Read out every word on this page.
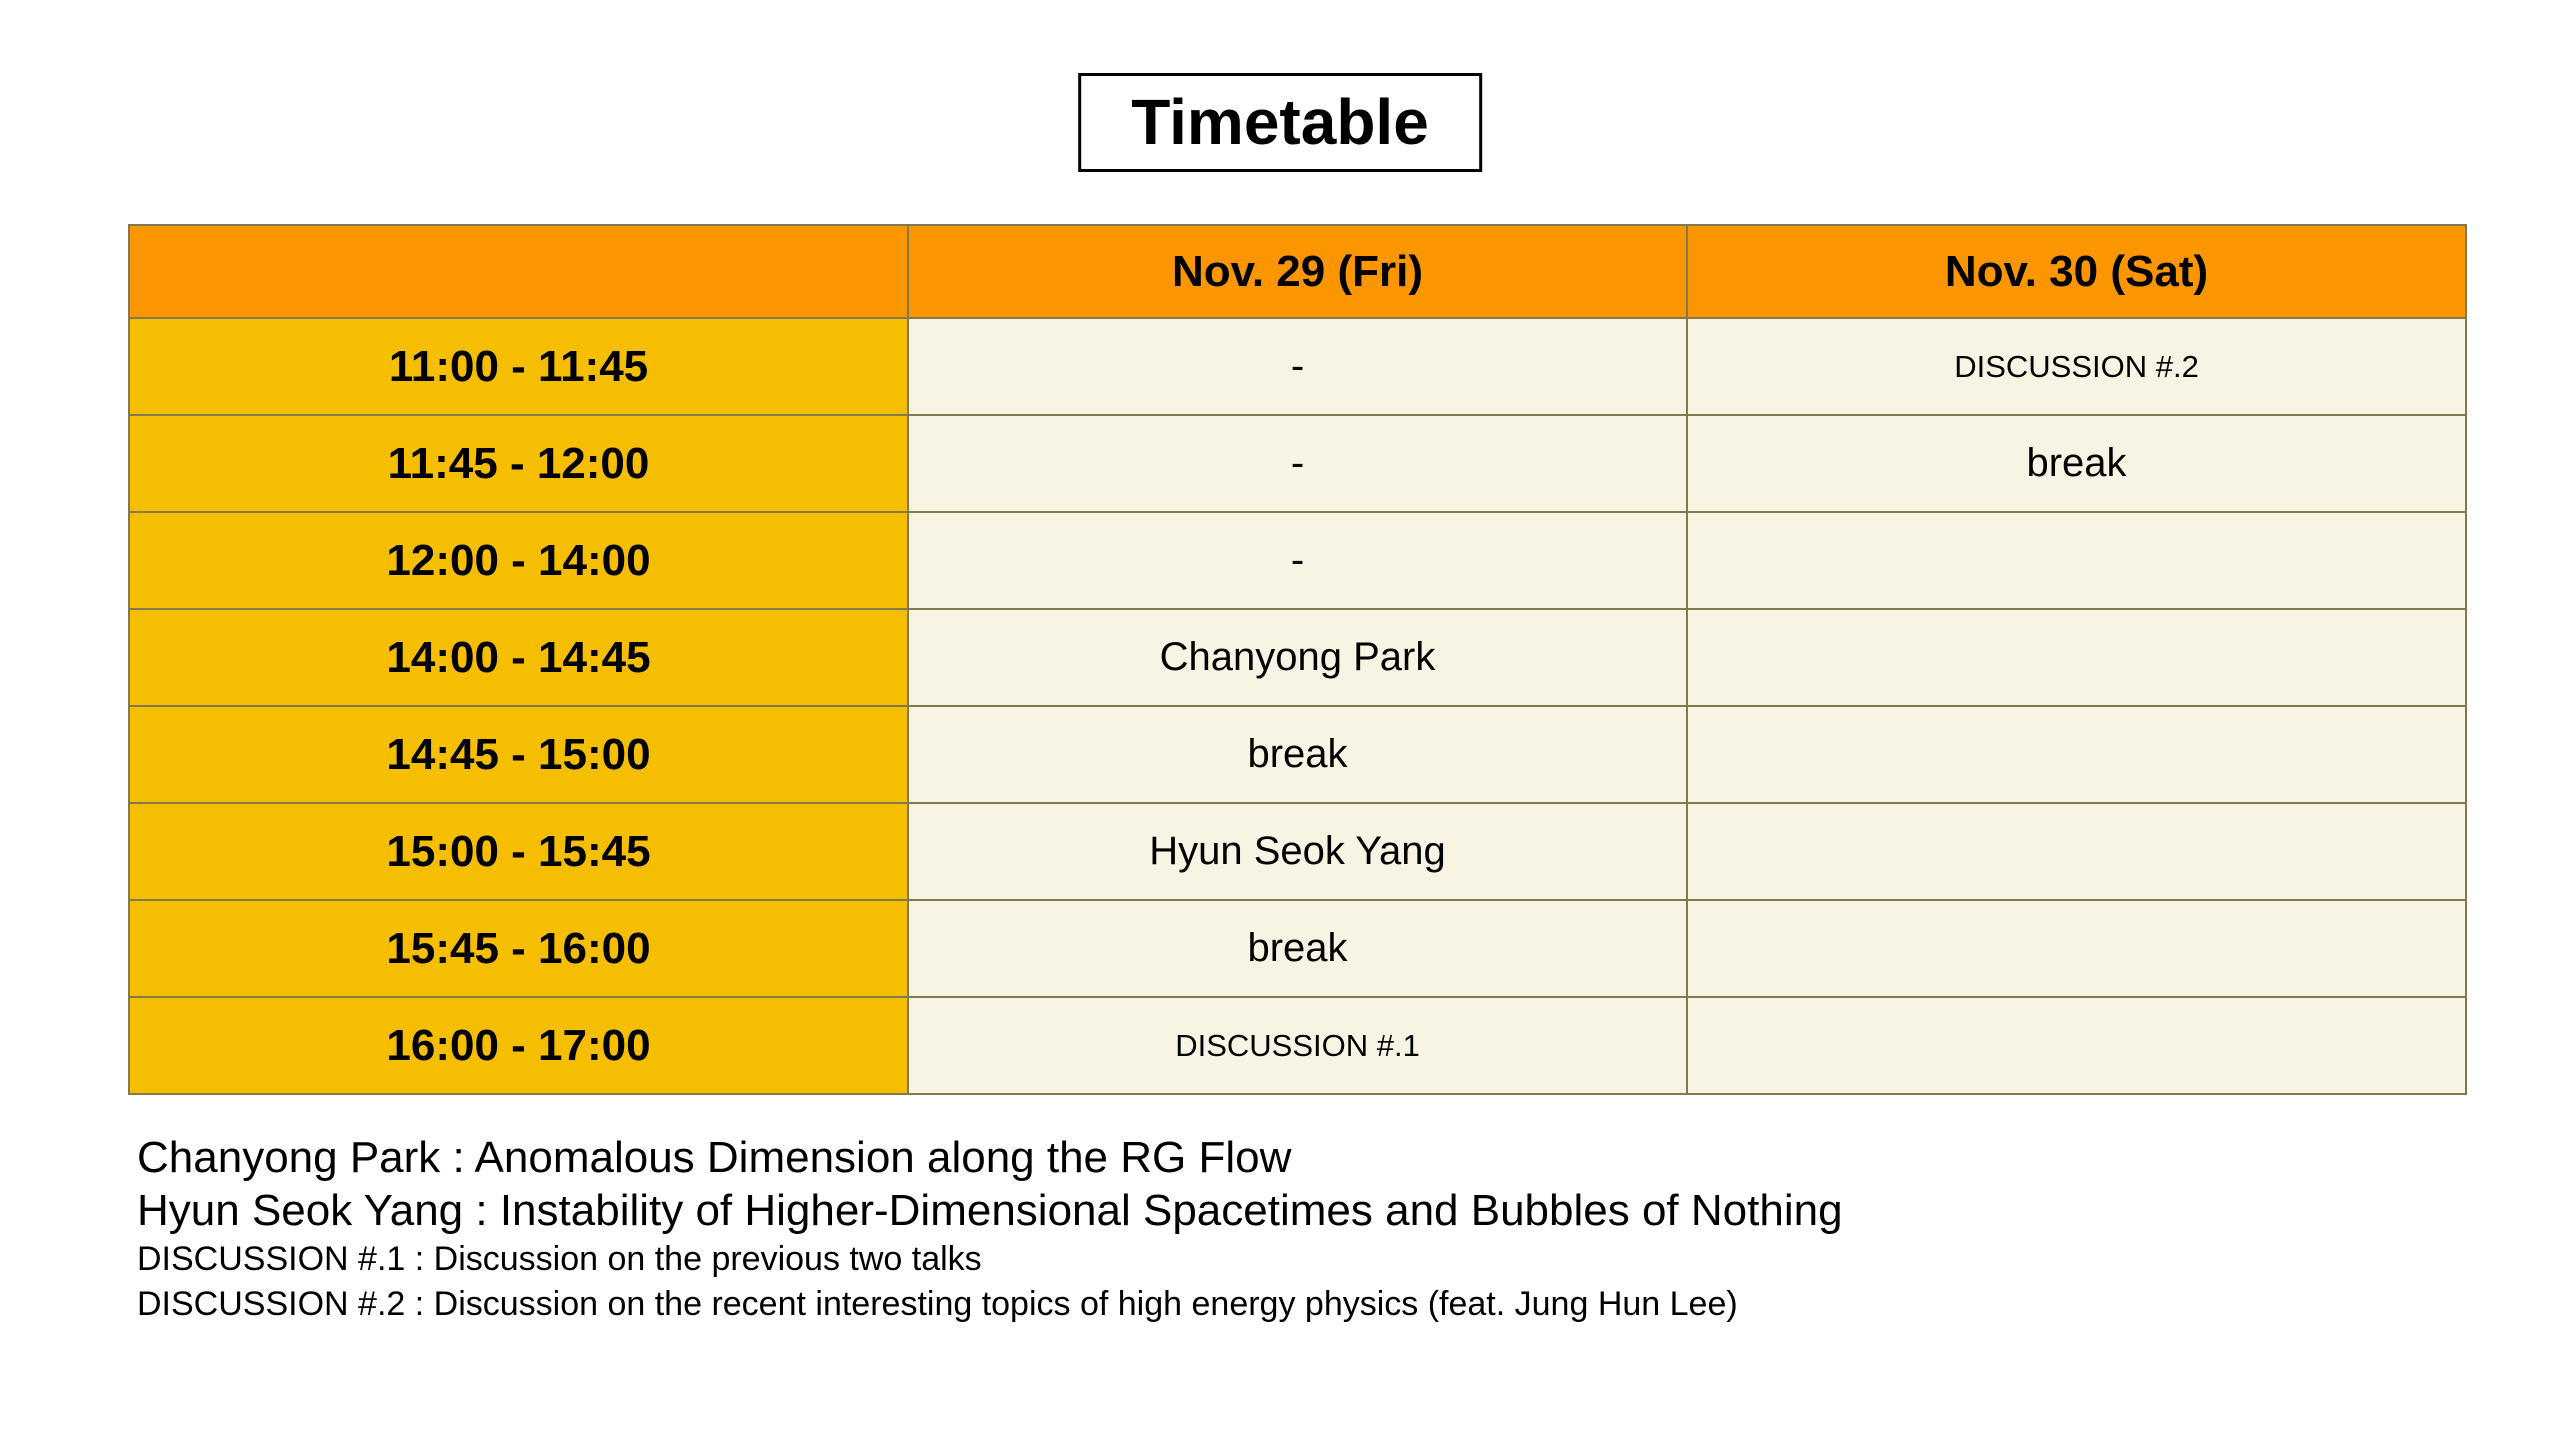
Timetable
	Nov. 29 (Fri)	Nov. 30 (Sat)
11:00 - 11:45	-	DISCUSSION #.2
11:45 - 12:00	-	break
12:00 - 14:00	-	
14:00 - 14:45	Chanyong Park	
14:45 - 15:00	break	
15:00 - 15:45	Hyun Seok Yang	
15:45 - 16:00	break	
16:00 - 17:00	DISCUSSION #.1	
Chanyong Park : Anomalous Dimension along the RG Flow
Hyun Seok Yang : Instability of Higher-Dimensional Spacetimes and Bubbles of Nothing
DISCUSSION #.1 : Discussion on the previous two talks
DISCUSSION #.2 : Discussion on the recent interesting topics of high energy physics (feat. Jung Hun Lee)
